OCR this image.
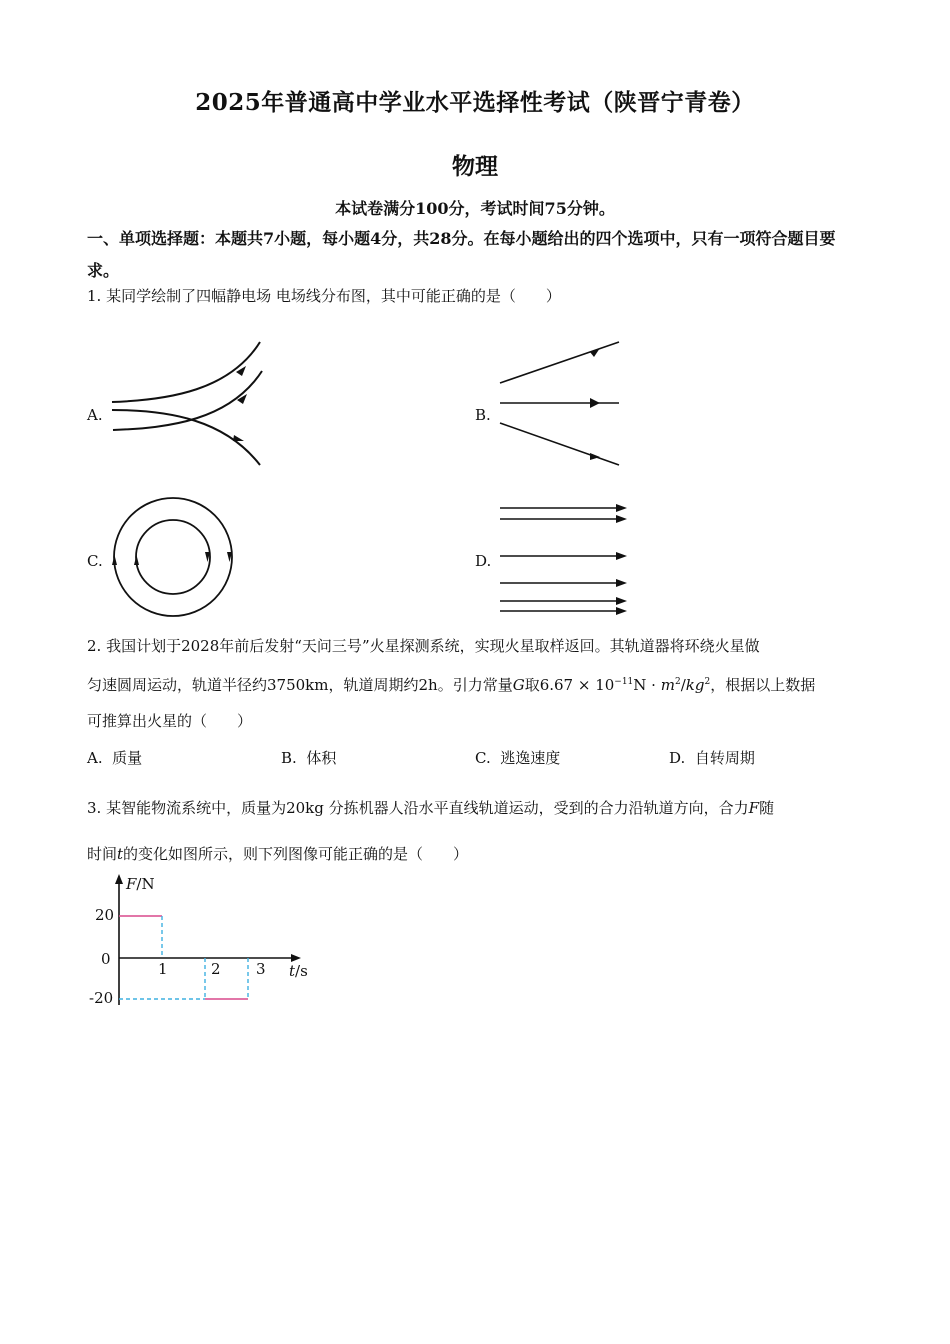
2025年普通高中学业水平选择性考试（陕晋宁青卷）
物理
本试卷满分100分，考试时间75分钟。
一、单项选择题：本题共7小题，每小题4分，共28分。在每小题给出的四个选项中，只有一项符合题目要求。
1. 某同学绘制了四幅静电场 电场线分布图，其中可能正确的是（　　）
A.	B.
C.	D.
2. 我国计划于2028年前后发射“天问三号”火星探测系统，实现火星取样返回。其轨道器将环绕火星做
匀速圆周运动，轨道半径约3750km，轨道周期约2h。引力常量G取$6.67 \times 10^{-11}N \cdot m^2/kg^2$，根据以上数据
可推算出火星的（　　）
A. 质量	B. 体积	C. 逃逸速度	D. 自转周期
3. 某智能物流系统中，质量为20kg 分拣机器人沿水平直线轨道运动，受到的合力沿轨道方向，合力F随
时间t的变化如图所示，则下列图像可能正确的是（　　）
F/N
20
0
-20
1	2 3 t/s
